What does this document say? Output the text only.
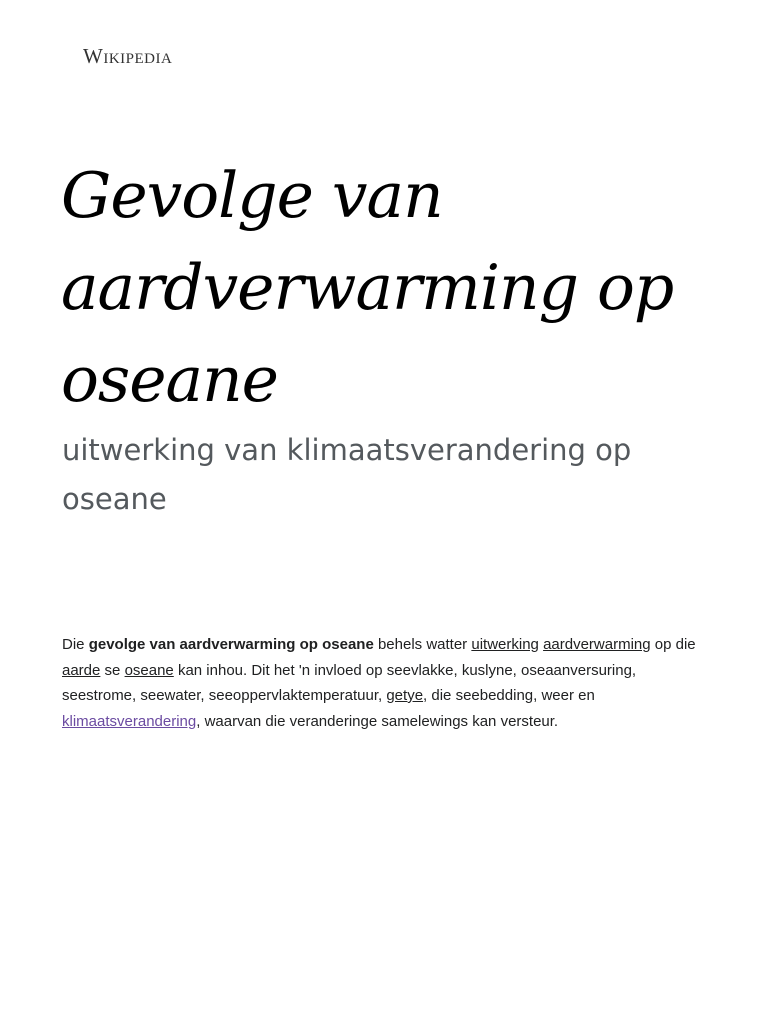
Wikipedia
Gevolge van aardverwarming op oseane
uitwerking van klimaatsverandering op oseane

Die gevolge van aardverwarming op oseane behels watter uitwerking aardverwarming op die aarde se oseane kan inhou. Dit het 'n invloed op seevlakke, kuslyne, oseaanversuring, seestrome, seewater, seeoppervlaktemperatuur, getye, die seebedding, weer en klimaatsverandering, waarvan die veranderinge samelewings kan versteur.
